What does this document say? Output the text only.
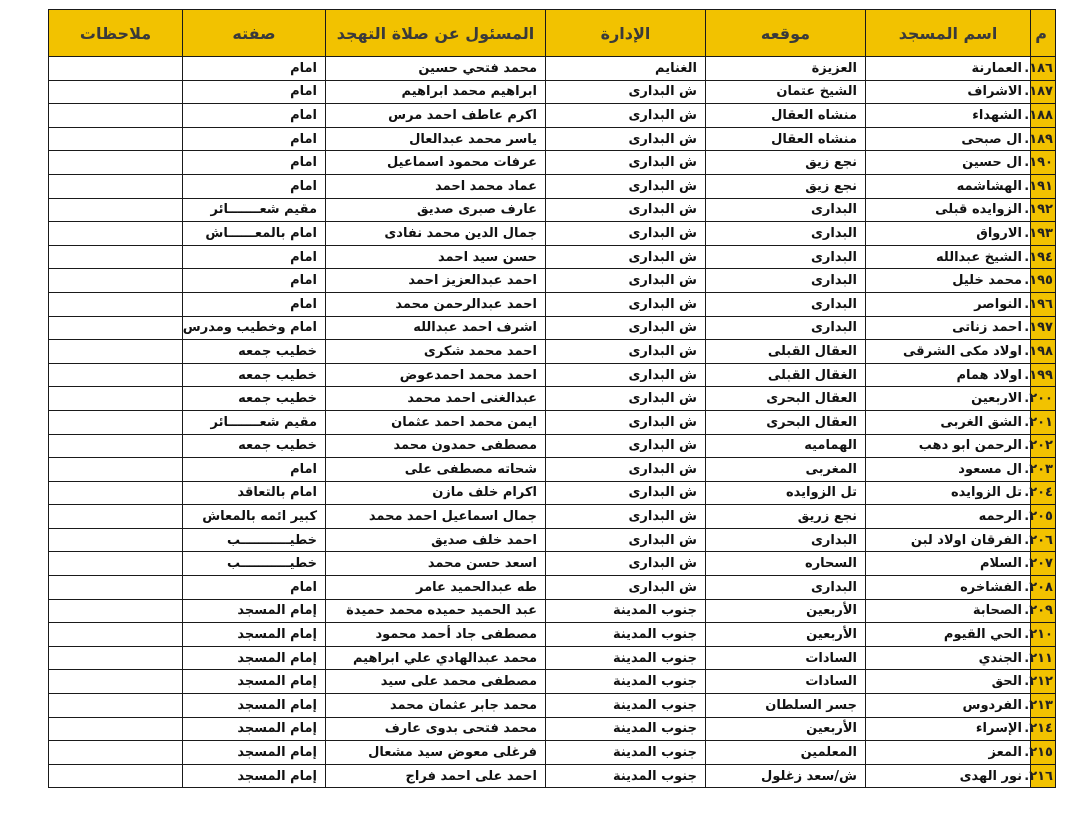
م	اسم المسجد	موقعه	الإدارة	المسئول عن صلاة التهجد	صفته	ملاحظات
١٨٦.	العمارنة	العزيزة	الغنايم	محمد فتحي حسين	امام	
١٨٧.	الاشراف	الشيخ عتمان	ش البدارى	ابراهيم محمد ابراهيم	امام	
١٨٨.	الشهداء	منشاه العقال	ش البدارى	اكرم عاطف احمد مرس	امام	
١٨٩.	ال صبحى	منشاه العقال	ش البدارى	ياسر محمد عبدالعال	امام	
١٩٠.	ال حسين	نجع زيق	ش البدارى	عرفات محمود اسماعيل	امام	
١٩١.	الهشاشمه	نجع زيق	ش البدارى	عماد محمد احمد	امام	
١٩٢.	الزوايده قبلى	البدارى	ش البدارى	عارف صبرى صديق	مقيم شعـــــــائر	
١٩٣.	الارواق	البدارى	ش البدارى	جمال الدين محمد نفادى	امام بالمعــــــاش	
١٩٤.	الشيخ عبدالله	البدارى	ش البدارى	حسن سيد احمد	امام	
١٩٥.	محمد خليل	البدارى	ش البدارى	احمد عبدالعزيز احمد	امام	
١٩٦.	النواصر	البدارى	ش البدارى	احمد عبدالرحمن محمد	امام	
١٩٧.	احمد زناتى	البدارى	ش البدارى	اشرف احمد عبدالله	امام وخطيب ومدرس	
١٩٨.	اولاد مكى الشرقى	العقال القبلى	ش البدارى	احمد محمد شكرى	خطيب جمعه	
١٩٩.	اولاد همام	الغقال القبلى	ش البدارى	احمد محمد احمدعوض	خطيب جمعه	
٢٠٠.	الاربعين	العقال البحرى	ش البدارى	عبدالغنى احمد محمد	خطيب جمعه	
٢٠١.	الشق الغربى	العقال البحرى	ش البدارى	ايمن محمد احمد عثمان	مقيم شعـــــــائر	
٢٠٢.	الرحمن ابو دهب	الهماميه	ش البدارى	مصطفى حمدون محمد	خطيب جمعه	
٢٠٣.	ال مسعود	المغربى	ش البدارى	شحاته مصطفى على	امام	
٢٠٤.	تل الزوايده	تل الزوايده	ش البدارى	اكرام خلف مازن	امام بالتعاقد	
٢٠٥.	الرحمه	نجع زريق	ش البدارى	جمال اسماعيل احمد محمد	كبير ائمه بالمعاش	
٢٠٦.	الفرقان اولاد لبن	البدارى	ش البدارى	احمد خلف صديق	خطيـــــــــــب	
٢٠٧.	السلام	السحاره	ش البدارى	اسعد حسن محمد	خطيـــــــــــب	
٢٠٨.	الفشاخره	البدارى	ش البدارى	طه عبدالحميد عامر	امام	
٢٠٩.	الصحابة	الأربعين	جنوب المدينة	عبد الحميد حميده محمد حميدة	إمام المسجد	
٢١٠.	الحي القيوم	الأربعين	جنوب المدينة	مصطفى جاد أحمد محمود	إمام المسجد	
٢١١.	الجندي	السادات	جنوب المدينة	محمد عبدالهادي علي ابراهيم	إمام المسجد	
٢١٢.	الحق	السادات	جنوب المدينة	مصطفى محمد على سيد	إمام المسجد	
٢١٣.	الفردوس	جسر السلطان	جنوب المدينة	محمد جابر عثمان محمد	إمام المسجد	
٢١٤.	الإسراء	الأربعين	جنوب المدينة	محمد فتحى بدوى عارف	إمام المسجد	
٢١٥.	المعز	المعلمين	جنوب المدينة	فرغلى معوض سيد مشعال	إمام المسجد	
٢١٦.	نور الهدى	ش/سعد زغلول	جنوب المدينة	احمد على احمد فراج	إمام المسجد	
